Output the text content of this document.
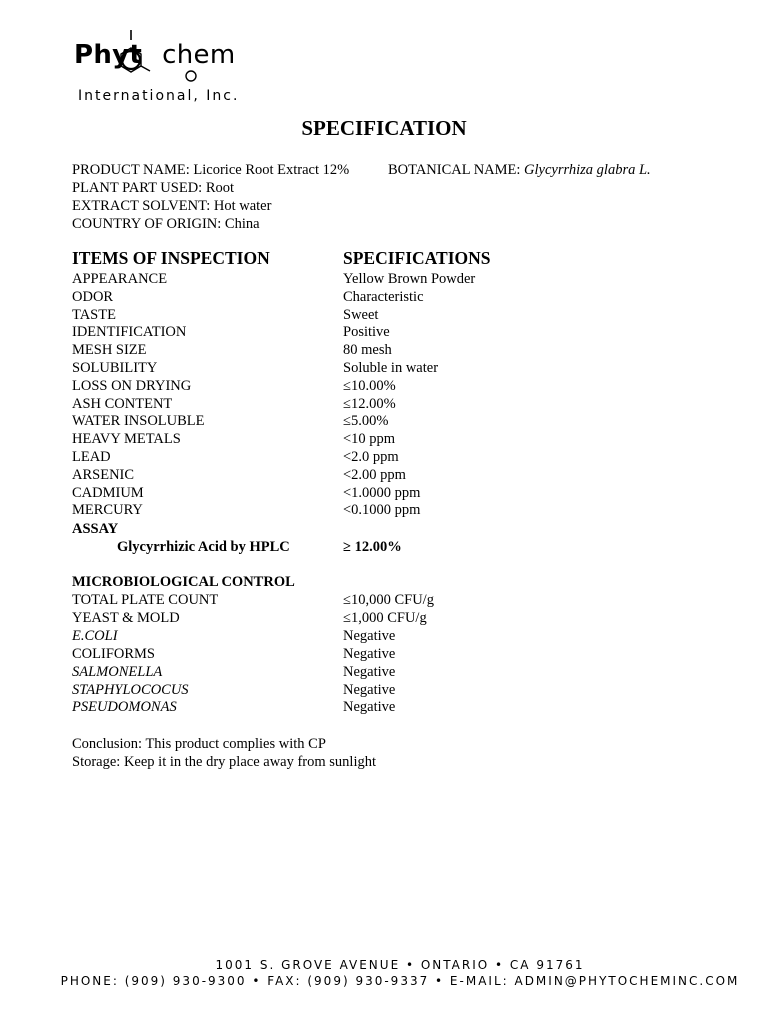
Phyt chem
International, Inc.
SPECIFICATION
PRODUCT NAME: Licorice Root Extract 12%	BOTANICAL NAME: Glycyrrhiza glabra L.
PLANT PART USED: Root
EXTRACT SOLVENT: Hot water
COUNTRY OF ORIGIN: China
ITEMS OF INSPECTION	SPECIFICATIONS
APPEARANCE	Yellow Brown Powder
ODOR	Characteristic
TASTE	Sweet
IDENTIFICATION	Positive
MESH SIZE	80 mesh
SOLUBILITY	Soluble in water
LOSS ON DRYING	≤10.00%
ASH CONTENT	≤12.00%
WATER INSOLUBLE	≤5.00%
HEAVY METALS	<10 ppm
LEAD	<2.0 ppm
ARSENIC	<2.00 ppm
CADMIUM	<1.0000 ppm
MERCURY	<0.1000 ppm
ASSAY
Glycyrrhizic Acid by HPLC	≥ 12.00%
MICROBIOLOGICAL CONTROL
TOTAL PLATE COUNT	≤10,000 CFU/g
YEAST & MOLD	≤1,000 CFU/g
E.COLI	Negative
COLIFORMS	Negative
SALMONELLA	Negative
STAPHYLOCOCUS	Negative
PSEUDOMONAS	Negative
Conclusion: This product complies with CP
Storage: Keep it in the dry place away from sunlight
1001 S. GROVE AVENUE • ONTARIO • CA 91761
PHONE: (909) 930-9300 • FAX: (909) 930-9337 • E-MAIL: ADMIN@PHYTOCHEMINC.COM
